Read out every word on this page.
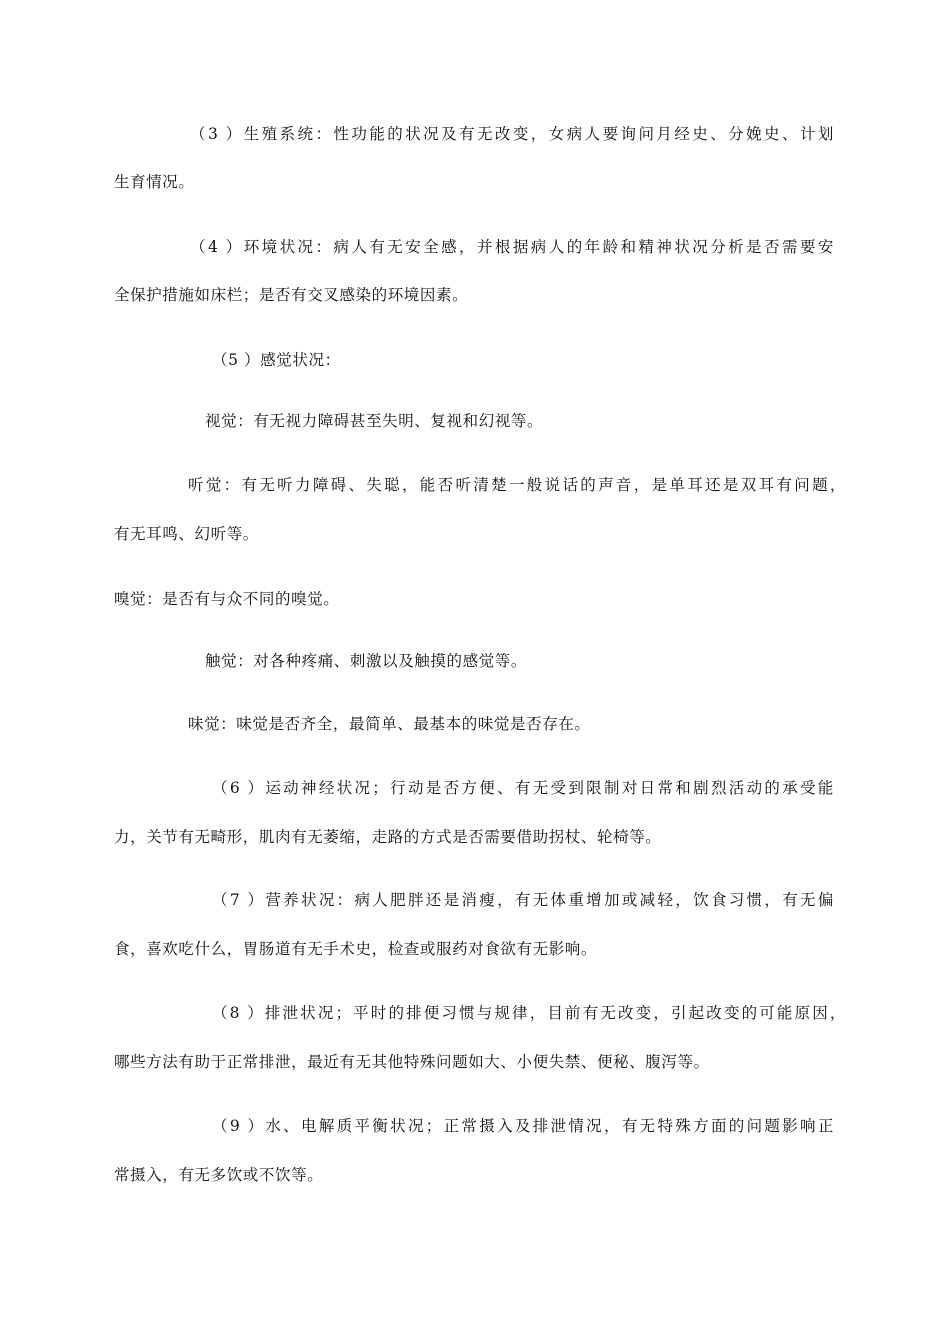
（3 ）生殖系统：性功能的状况及有无改变，女病人要询问月经史、分娩史、计划
生育情况。
（4 ）环境状况：病人有无安全感，并根据病人的年龄和精神状况分析是否需要安
全保护措施如床栏；是否有交叉感染的环境因素。
（5 ）感觉状况：
视觉：有无视力障碍甚至失明、复视和幻视等。
听觉：有无听力障碍、失聪，能否听清楚一般说话的声音，是单耳还是双耳有问题，
有无耳鸣、幻听等。
嗅觉：是否有与众不同的嗅觉。
触觉：对各种疼痛、刺激以及触摸的感觉等。
味觉：味觉是否齐全，最简单、最基本的味觉是否存在。
（6 ）运动神经状况；行动是否方便、有无受到限制对日常和剧烈活动的承受能
力，关节有无畸形，肌肉有无萎缩，走路的方式是否需要借助拐杖、轮椅等。
（7 ）营养状况：病人肥胖还是消瘦，有无体重增加或减轻，饮食习惯，有无偏
食，喜欢吃什么，胃肠道有无手术史，检查或服药对食欲有无影响。
（8 ）排泄状况；平时的排便习惯与规律，目前有无改变，引起改变的可能原因，
哪些方法有助于正常排泄，最近有无其他特殊问题如大、小便失禁、便秘、腹泻等。
（9 ）水、电解质平衡状况；正常摄入及排泄情况，有无特殊方面的问题影响正
常摄入，有无多饮或不饮等。
